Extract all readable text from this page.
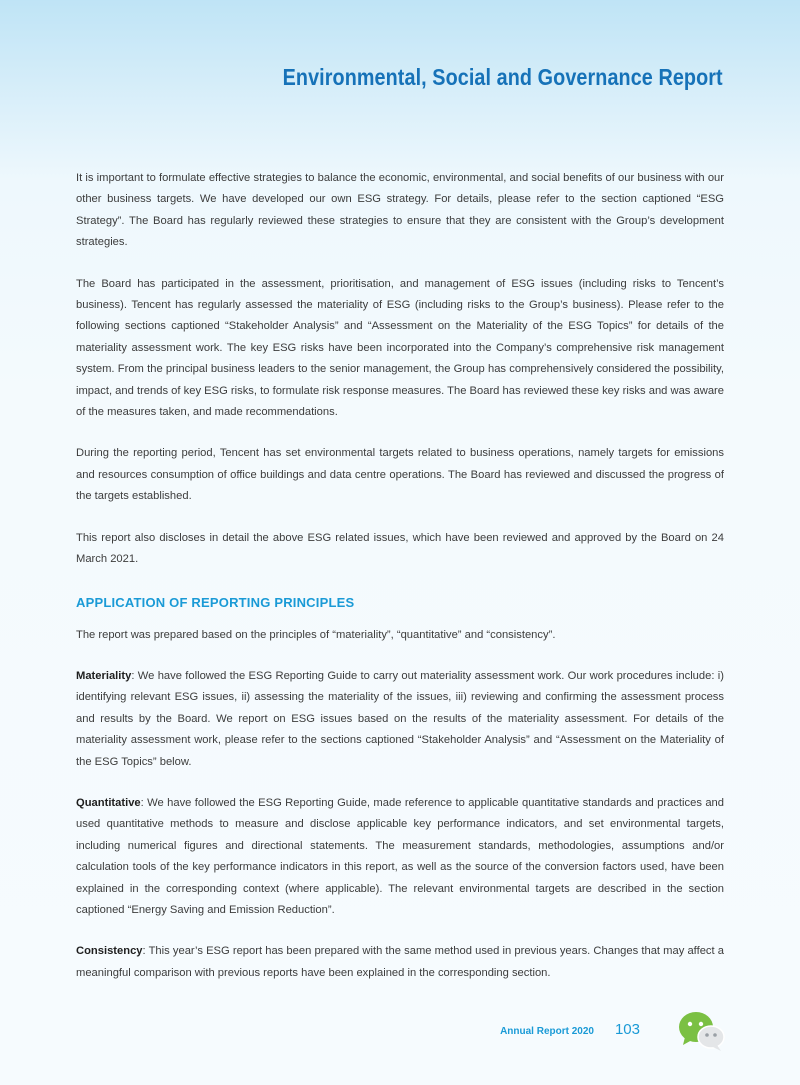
Environmental, Social and Governance Report

It is important to formulate effective strategies to balance the economic, environmental, and social benefits of our business with our other business targets. We have developed our own ESG strategy. For details, please refer to the section captioned “ESG Strategy”. The Board has regularly reviewed these strategies to ensure that they are consistent with the Group’s development strategies.

The Board has participated in the assessment, prioritisation, and management of ESG issues (including risks to Tencent’s business). Tencent has regularly assessed the materiality of ESG (including risks to the Group’s business). Please refer to the following sections captioned “Stakeholder Analysis” and “Assessment on the Materiality of the ESG Topics” for details of the materiality assessment work. The key ESG risks have been incorporated into the Company’s comprehensive risk management system. From the principal business leaders to the senior management, the Group has comprehensively considered the possibility, impact, and trends of key ESG risks, to formulate risk response measures. The Board has reviewed these key risks and was aware of the measures taken, and made recommendations.

During the reporting period, Tencent has set environmental targets related to business operations, namely targets for emissions and resources consumption of office buildings and data centre operations. The Board has reviewed and discussed the progress of the targets established.

This report also discloses in detail the above ESG related issues, which have been reviewed and approved by the Board on 24 March 2021.

APPLICATION OF REPORTING PRINCIPLES

The report was prepared based on the principles of “materiality”, “quantitative” and “consistency”.

Materiality: We have followed the ESG Reporting Guide to carry out materiality assessment work. Our work procedures include: i) identifying relevant ESG issues, ii) assessing the materiality of the issues, iii) reviewing and confirming the assessment process and results by the Board. We report on ESG issues based on the results of the materiality assessment. For details of the materiality assessment work, please refer to the sections captioned “Stakeholder Analysis” and “Assessment on the Materiality of the ESG Topics” below.

Quantitative: We have followed the ESG Reporting Guide, made reference to applicable quantitative standards and practices and used quantitative methods to measure and disclose applicable key performance indicators, and set environmental targets, including numerical figures and directional statements. The measurement standards, methodologies, assumptions and/or calculation tools of the key performance indicators in this report, as well as the source of the conversion factors used, have been explained in the corresponding context (where applicable). The relevant environmental targets are described in the section captioned “Energy Saving and Emission Reduction”.

Consistency: This year’s ESG report has been prepared with the same method used in previous years. Changes that may affect a meaningful comparison with previous reports have been explained in the corresponding section.

Annual Report 2020 103
